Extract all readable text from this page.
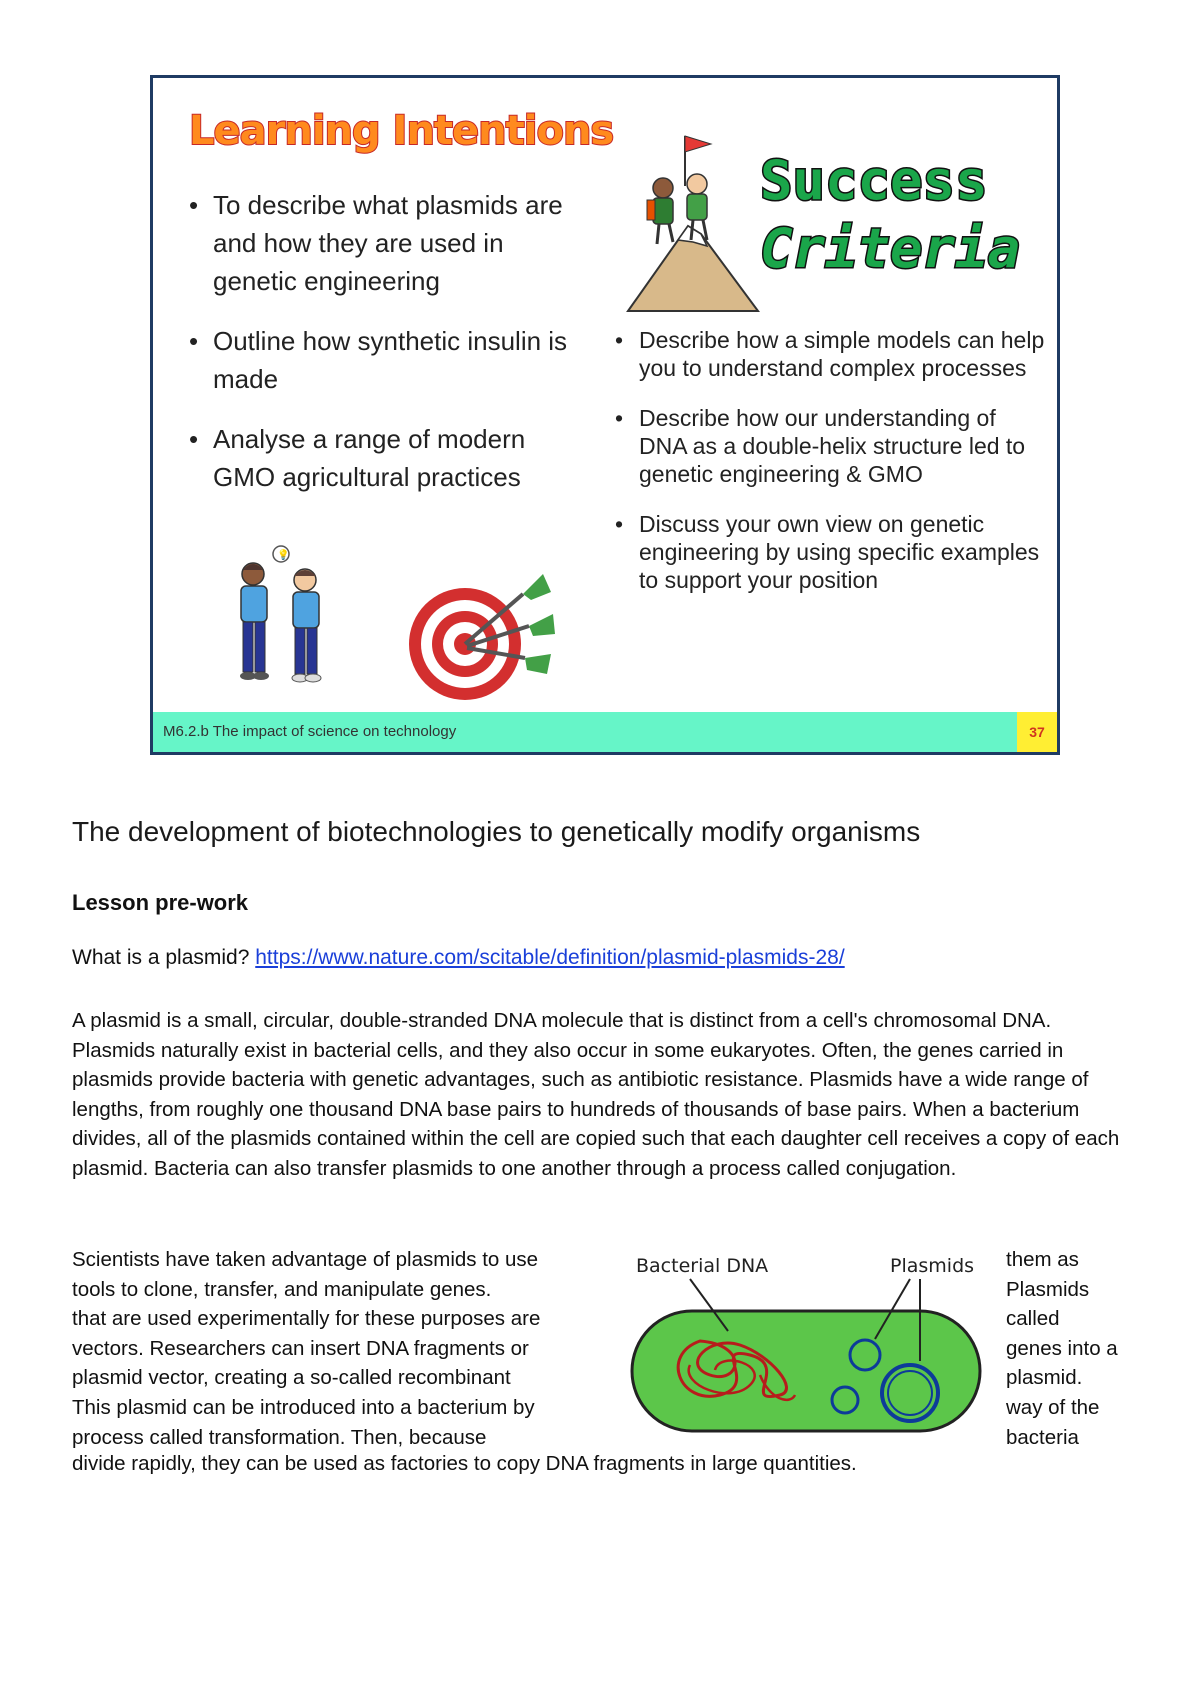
Learning Intentions
• To describe what plasmids are and how they are used in genetic engineering
• Outline how synthetic insulin is made
• Analyse a range of modern GMO agricultural practices
Success
Criteria
• Describe how a simple models can help you to understand complex processes
• Describe how our understanding of DNA as a double-helix structure led to genetic engineering & GMO
• Discuss your own view on genetic engineering by using specific examples to support your position
💡
M6.2.b The impact of science on technology	37
The development of biotechnologies to genetically modify organisms
Lesson pre-work

What is a plasmid? https://www.nature.com/scitable/definition/plasmid-plasmids-28/

A plasmid is a small, circular, double-stranded DNA molecule that is distinct from a cell's chromosomal DNA. Plasmids naturally exist in bacterial cells, and they also occur in some eukaryotes. Often, the genes carried in plasmids provide bacteria with genetic advantages, such as antibiotic resistance. Plasmids have a wide range of lengths, from roughly one thousand DNA base pairs to hundreds of thousands of base pairs. When a bacterium divides, all of the plasmids contained within the cell are copied such that each daughter cell receives a copy of each plasmid. Bacteria can also transfer plasmids to one another through a process called conjugation.

Scientists have taken advantage of plasmids to use
tools to clone, transfer, and manipulate genes.
that are used experimentally for these purposes are
vectors. Researchers can insert DNA fragments or
plasmid vector, creating a so-called recombinant
This plasmid can be introduced into a bacterium by
process called transformation. Then, because

Bacterial DNA	Plasmids them as
Plasmids
called
genes into a
plasmid.
way of the
bacteria

divide rapidly, they can be used as factories to copy DNA fragments in large quantities.
